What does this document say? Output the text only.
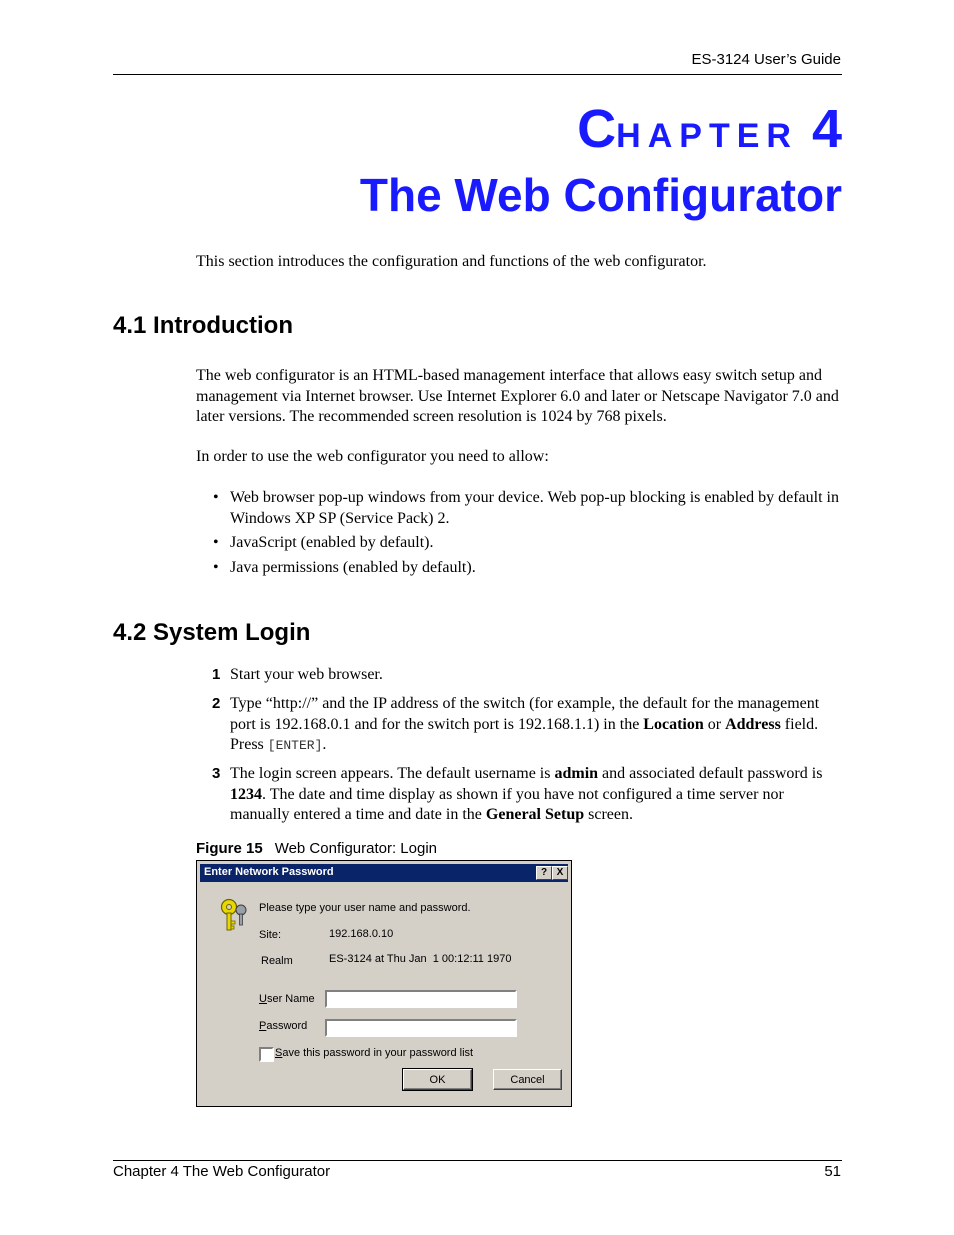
ES-3124 User’s Guide
CHAPTER 4
The Web Configurator
This section introduces the configuration and functions of the web configurator.
4.1 Introduction
The web configurator is an HTML-based management interface that allows easy switch setup and management via Internet browser. Use Internet Explorer 6.0 and later or Netscape Navigator 7.0 and later versions. The recommended screen resolution is 1024 by 768 pixels.
In order to use the web configurator you need to allow:
• Web browser pop-up windows from your device. Web pop-up blocking is enabled by default in Windows XP SP (Service Pack) 2.
• JavaScript (enabled by default).
• Java permissions (enabled by default).
4.2 System Login
1 Start your web browser.
2 Type “http://” and the IP address of the switch (for example, the default for the management port is 192.168.0.1 and for the switch port is 192.168.1.1) in the Location or Address field. Press [ENTER].
3 The login screen appears. The default username is admin and associated default password is 1234. The date and time display as shown if you have not configured a time server nor manually entered a time and date in the General Setup screen.
Figure 15 Web Configurator: Login
Enter Network Password	? X
Please type your user name and password.
Site:	192.168.0.10
Realm	ES-3124 at Thu Jan  1 00:12:11 1970
User Name
Password
Save this password in your password list
OK	Cancel
Chapter 4 The Web Configurator	51
